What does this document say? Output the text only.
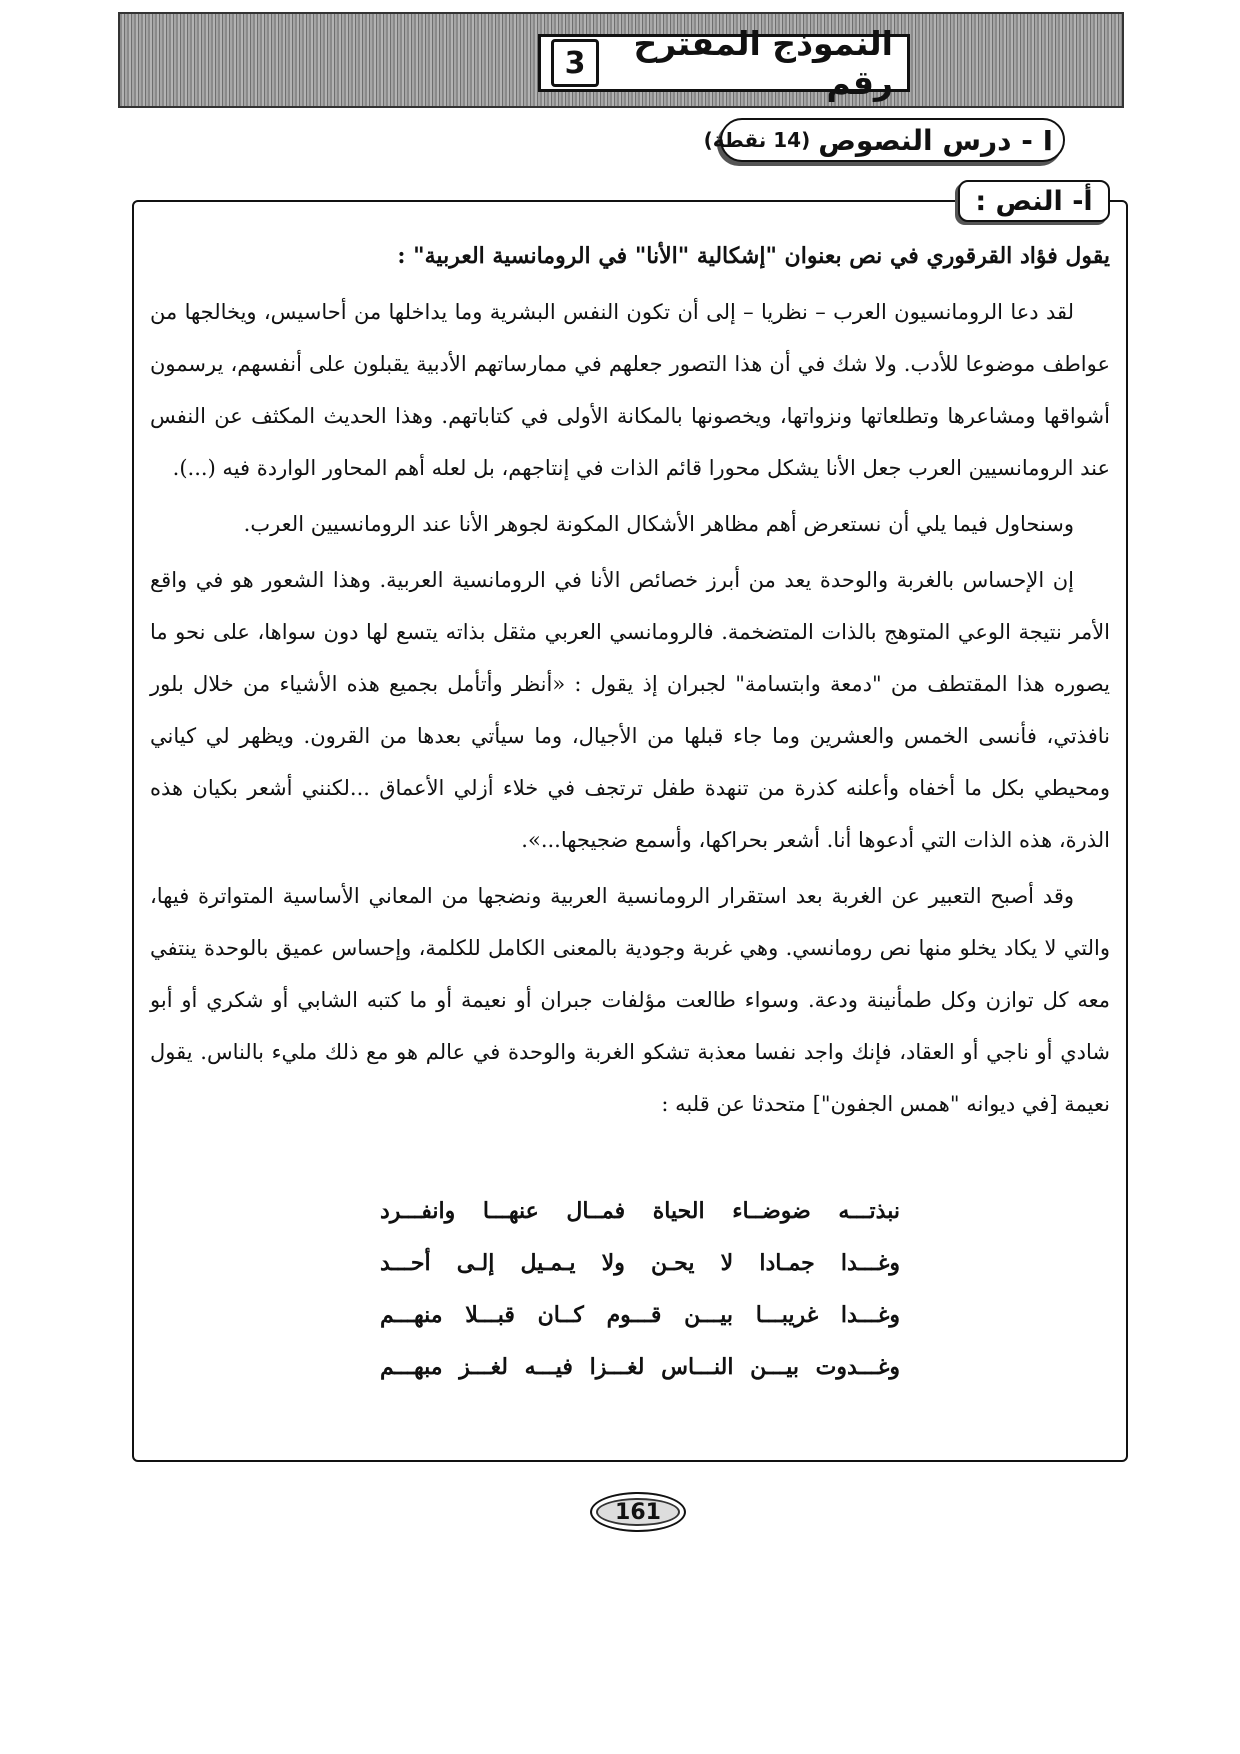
النموذج المقترح رقم
3
I - درس النصوص
(14 نقطة)
أ- النص :

يقول فؤاد القرقوري في نص بعنوان "إشكالية "الأنا" في الرومانسية العربية" :

لقد دعا الرومانسيون العرب – نظريا – إلى أن تكون النفس البشرية وما يداخلها من أحاسيس، ويخالجها من عواطف موضوعا للأدب. ولا شك في أن هذا التصور جعلهم في ممارساتهم الأدبية يقبلون على أنفسهم، يرسمون أشواقها ومشاعرها وتطلعاتها ونزواتها، ويخصونها بالمكانة الأولى في كتاباتهم. وهذا الحديث المكثف عن النفس عند الرومانسيين العرب جعل الأنا يشكل محورا قائم الذات في إنتاجهم، بل لعله أهم المحاور الواردة فيه (...).

وسنحاول فيما يلي أن نستعرض أهم مظاهر الأشكال المكونة لجوهر الأنا عند الرومانسيين العرب.

إن الإحساس بالغربة والوحدة يعد من أبرز خصائص الأنا في الرومانسية العربية. وهذا الشعور هو في واقع الأمر نتيجة الوعي المتوهج بالذات المتضخمة. فالرومانسي العربي مثقل بذاته يتسع لها دون سواها، على نحو ما يصوره هذا المقتطف من "دمعة وابتسامة" لجبران إذ يقول : «أنظر وأتأمل بجميع هذه الأشياء من خلال بلور نافذتي، فأنسى الخمس والعشرين وما جاء قبلها من الأجيال، وما سيأتي بعدها من القرون. ويظهر لي كياني ومحيطي بكل ما أخفاه وأعلنه كذرة من تنهدة طفل ترتجف في خلاء أزلي الأعماق ...لكنني أشعر بكيان هذه الذرة، هذه الذات التي أدعوها أنا. أشعر بحراكها، وأسمع ضجيجها...».

وقد أصبح التعبير عن الغربة بعد استقرار الرومانسية العربية ونضجها من المعاني الأساسية المتواترة فيها، والتي لا يكاد يخلو منها نص رومانسي. وهي غربة وجودية بالمعنى الكامل للكلمة، وإحساس عميق بالوحدة ينتفي معه كل توازن وكل طمأنينة ودعة. وسواء طالعت مؤلفات جبران أو نعيمة أو ما كتبه الشابي أو شكري أو أبو شادي أو ناجي أو العقاد، فإنك واجد نفسا معذبة تشكو الغربة والوحدة في عالم هو مع ذلك مليء بالناس. يقول نعيمة [في ديوانه "همس الجفون"] متحدثا عن قلبه :

نبذتـــه ضوضــاء الحياة فمــال عنهـــا وانفـــرد
وغـــدا جمـادا لا يحـن ولا يـمـيل إلـى أحـــد
وغـــدا غريبـــا بيـــن قـــوم كــان قبـــلا منهـــم
وغـــدوت بيـــن النـــاس لغـــزا فيـــه لغـــز مبهـــم
161
